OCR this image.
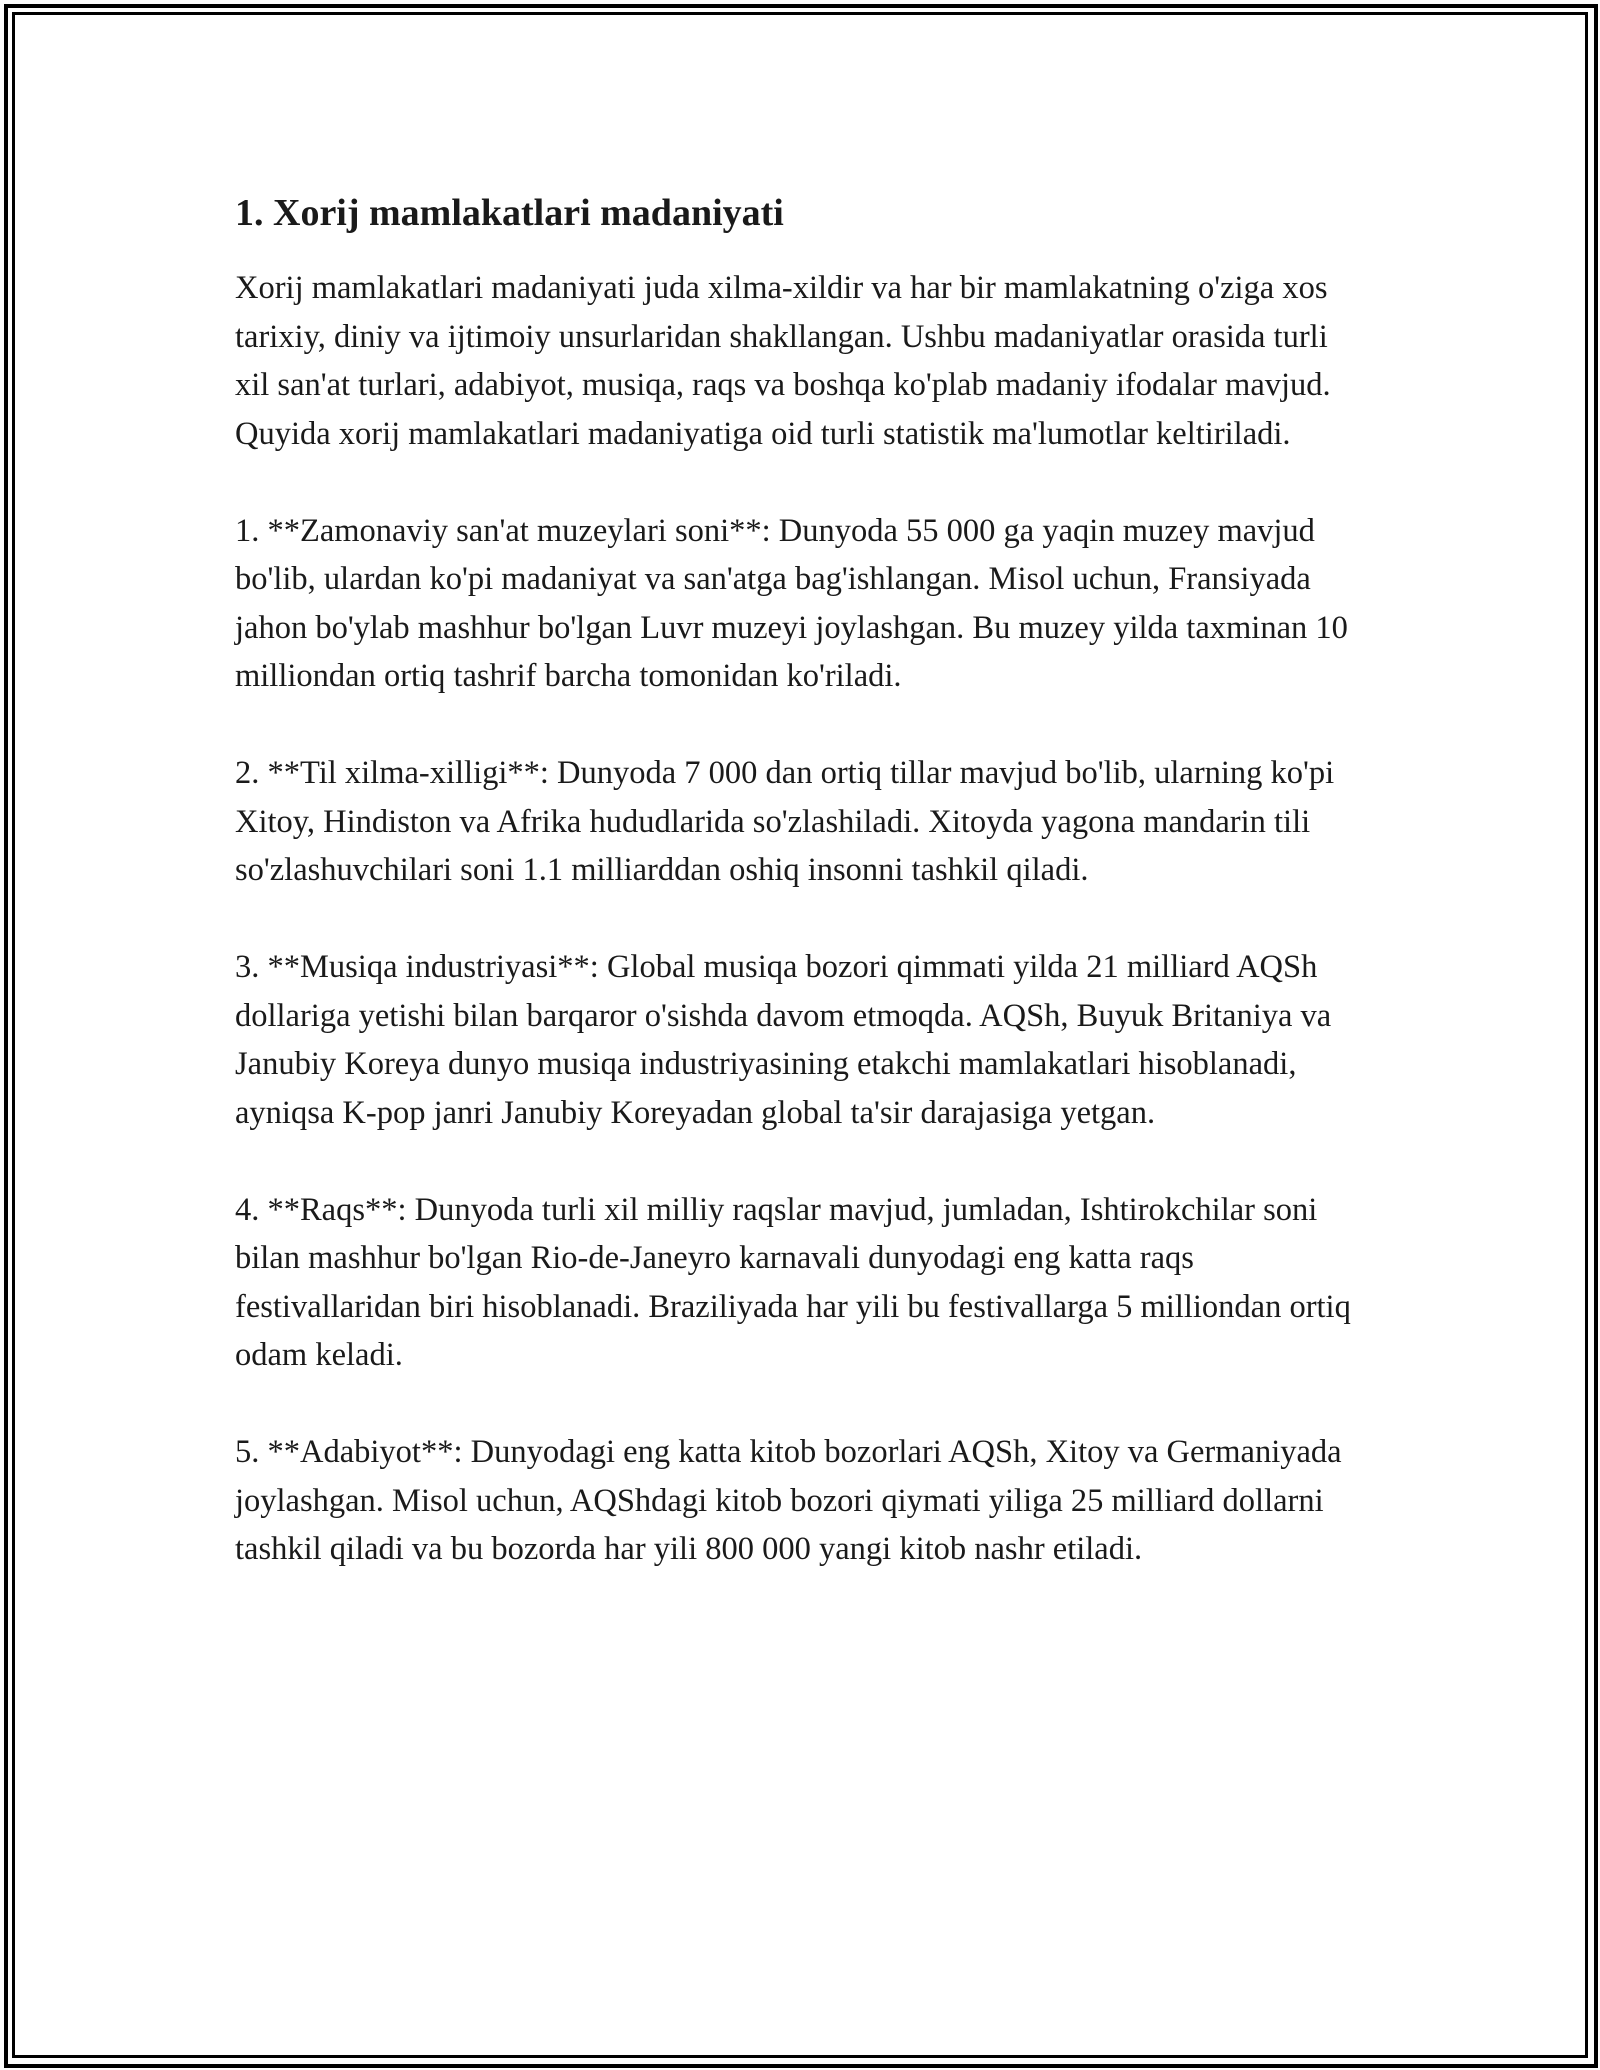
1. Xorij mamlakatlari madaniyati

Xorij mamlakatlari madaniyati juda xilma-xildir va har bir mamlakatning o'ziga xos tarixiy, diniy va ijtimoiy unsurlaridan shakllangan. Ushbu madaniyatlar orasida turli xil san'at turlari, adabiyot, musiqa, raqs va boshqa ko'plab madaniy ifodalar mavjud. Quyida xorij mamlakatlari madaniyatiga oid turli statistik ma'lumotlar keltiriladi.

1. **Zamonaviy san'at muzeylari soni**: Dunyoda 55 000 ga yaqin muzey mavjud bo'lib, ulardan ko'pi madaniyat va san'atga bag'ishlangan. Misol uchun, Fransiyada jahon bo'ylab mashhur bo'lgan Luvr muzeyi joylashgan. Bu muzey yilda taxminan 10 milliondan ortiq tashrif barcha tomonidan ko'riladi.

2. **Til xilma-xilligi**: Dunyoda 7 000 dan ortiq tillar mavjud bo'lib, ularning ko'pi Xitoy, Hindiston va Afrika hududlarida so'zlashiladi. Xitoyda yagona mandarin tili so'zlashuvchilari soni 1.1 milliarddan oshiq insonni tashkil qiladi.

3. **Musiqa industriyasi**: Global musiqa bozori qimmati yilda 21 milliard AQSh dollariga yetishi bilan barqaror o'sishda davom etmoqda. AQSh, Buyuk Britaniya va Janubiy Koreya dunyo musiqa industriyasining etakchi mamlakatlari hisoblanadi, ayniqsa K-pop janri Janubiy Koreyadan global ta'sir darajasiga yetgan.

4. **Raqs**: Dunyoda turli xil milliy raqslar mavjud, jumladan, Ishtirokchilar soni bilan mashhur bo'lgan Rio-de-Janeyro karnavali dunyodagi eng katta raqs festivallaridan biri hisoblanadi. Braziliyada har yili bu festivallarga 5 milliondan ortiq odam keladi.

5. **Adabiyot**: Dunyodagi eng katta kitob bozorlari AQSh, Xitoy va Germaniyada joylashgan. Misol uchun, AQShdagi kitob bozori qiymati yiliga 25 milliard dollarni tashkil qiladi va bu bozorda har yili 800 000 yangi kitob nashr etiladi.
